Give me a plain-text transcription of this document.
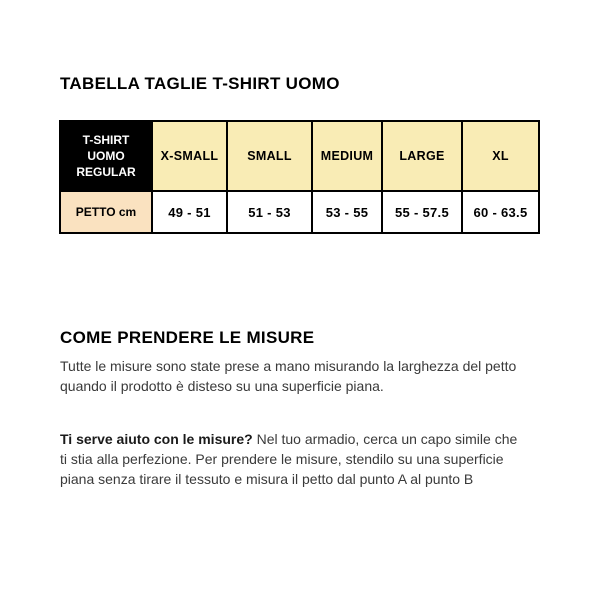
TABELLA TAGLIE T-SHIRT UOMO
T-SHIRT UOMO REGULAR	X-SMALL	SMALL	MEDIUM	LARGE	XL
PETTO cm	49 - 51	51 - 53	53 - 55	55 - 57.5	60 - 63.5
COME PRENDERE LE MISURE

Tutte le misure sono state prese a mano misurando la larghezza del petto quando il prodotto è disteso su una superficie piana.

Ti serve aiuto con le misure? Nel tuo armadio, cerca un capo simile che ti stia alla perfezione. Per prendere le misure, stendilo su una superficie piana senza tirare il tessuto e misura il petto dal punto A al punto B
